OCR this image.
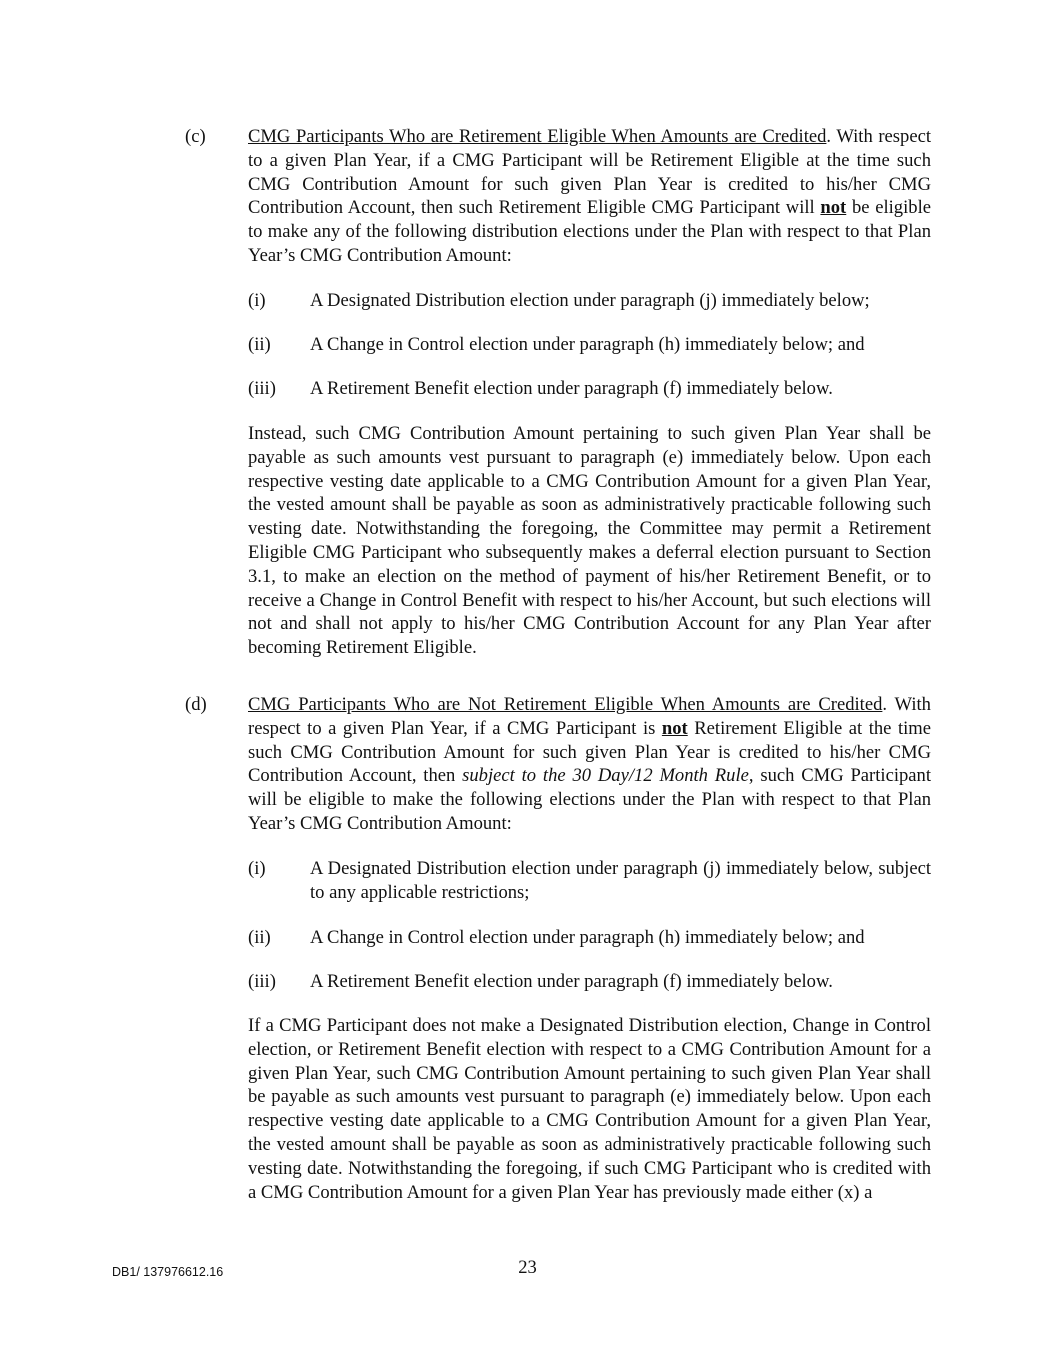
(c) CMG Participants Who are Retirement Eligible When Amounts are Credited. With respect to a given Plan Year, if a CMG Participant will be Retirement Eligible at the time such CMG Contribution Amount for such given Plan Year is credited to his/her CMG Contribution Account, then such Retirement Eligible CMG Participant will not be eligible to make any of the following distribution elections under the Plan with respect to that Plan Year’s CMG Contribution Amount:
(i) A Designated Distribution election under paragraph (j) immediately below;
(ii) A Change in Control election under paragraph (h) immediately below; and
(iii) A Retirement Benefit election under paragraph (f) immediately below.
Instead, such CMG Contribution Amount pertaining to such given Plan Year shall be payable as such amounts vest pursuant to paragraph (e) immediately below. Upon each respective vesting date applicable to a CMG Contribution Amount for a given Plan Year, the vested amount shall be payable as soon as administratively practicable following such vesting date. Notwithstanding the foregoing, the Committee may permit a Retirement Eligible CMG Participant who subsequently makes a deferral election pursuant to Section 3.1, to make an election on the method of payment of his/her Retirement Benefit, or to receive a Change in Control Benefit with respect to his/her Account, but such elections will not and shall not apply to his/her CMG Contribution Account for any Plan Year after becoming Retirement Eligible.
(d) CMG Participants Who are Not Retirement Eligible When Amounts are Credited. With respect to a given Plan Year, if a CMG Participant is not Retirement Eligible at the time such CMG Contribution Amount for such given Plan Year is credited to his/her CMG Contribution Account, then subject to the 30 Day/12 Month Rule, such CMG Participant will be eligible to make the following elections under the Plan with respect to that Plan Year’s CMG Contribution Amount:
(i) A Designated Distribution election under paragraph (j) immediately below, subject to any applicable restrictions;
(ii) A Change in Control election under paragraph (h) immediately below; and
(iii) A Retirement Benefit election under paragraph (f) immediately below.
If a CMG Participant does not make a Designated Distribution election, Change in Control election, or Retirement Benefit election with respect to a CMG Contribution Amount for a given Plan Year, such CMG Contribution Amount pertaining to such given Plan Year shall be payable as such amounts vest pursuant to paragraph (e) immediately below. Upon each respective vesting date applicable to a CMG Contribution Amount for a given Plan Year, the vested amount shall be payable as soon as administratively practicable following such vesting date. Notwithstanding the foregoing, if such CMG Participant who is credited with a CMG Contribution Amount for a given Plan Year has previously made either (x) a
DB1/ 137976612.16	23
